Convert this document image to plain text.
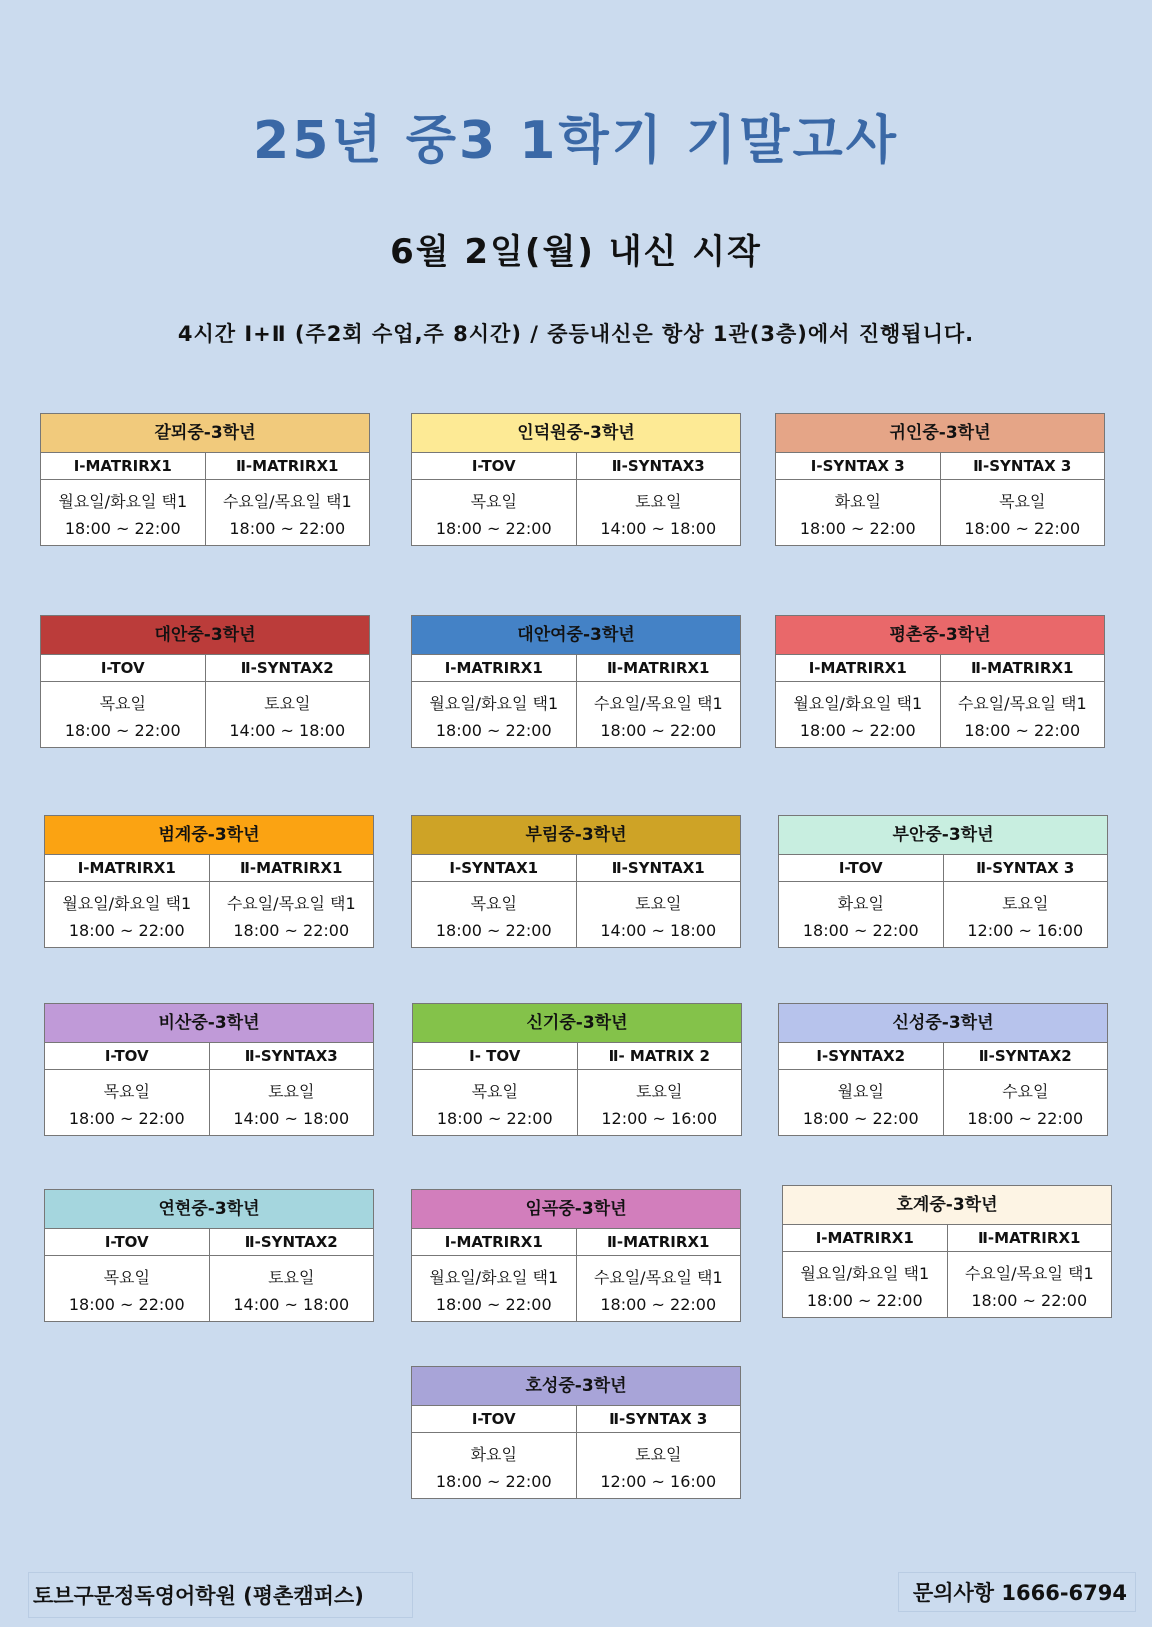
25년 중3 1학기 기말고사
6월 2일(월) 내신 시작
4시간 Ⅰ+Ⅱ (주2회 수업,주 8시간) / 중등내신은 항상 1관(3층)에서 진행됩니다.
갈뫼중-3학년
Ⅰ-MATRIRX1	Ⅱ-MATRIRX1
월요일/화요일 택1
18:00 ~ 22:00
수요일/목요일 택1
18:00 ~ 22:00
인덕원중-3학년
Ⅰ-TOV	Ⅱ-SYNTAX3
목요일
18:00 ~ 22:00
토요일
14:00 ~ 18:00
귀인중-3학년
Ⅰ-SYNTAX 3	Ⅱ-SYNTAX 3
화요일
18:00 ~ 22:00
목요일
18:00 ~ 22:00
대안중-3학년
Ⅰ-TOV	Ⅱ-SYNTAX2
목요일
18:00 ~ 22:00
토요일
14:00 ~ 18:00
대안여중-3학년
Ⅰ-MATRIRX1	Ⅱ-MATRIRX1
월요일/화요일 택1
18:00 ~ 22:00
수요일/목요일 택1
18:00 ~ 22:00
평촌중-3학년
Ⅰ-MATRIRX1	Ⅱ-MATRIRX1
월요일/화요일 택1
18:00 ~ 22:00
수요일/목요일 택1
18:00 ~ 22:00
범계중-3학년
Ⅰ-MATRIRX1	Ⅱ-MATRIRX1
월요일/화요일 택1
18:00 ~ 22:00
수요일/목요일 택1
18:00 ~ 22:00
부림중-3학년
Ⅰ-SYNTAX1	Ⅱ-SYNTAX1
목요일
18:00 ~ 22:00
토요일
14:00 ~ 18:00
부안중-3학년
Ⅰ-TOV	Ⅱ-SYNTAX 3
화요일
18:00 ~ 22:00
토요일
12:00 ~ 16:00
비산중-3학년
Ⅰ-TOV	Ⅱ-SYNTAX3
목요일
18:00 ~ 22:00
토요일
14:00 ~ 18:00
신기중-3학년
Ⅰ- TOV	Ⅱ- MATRIX 2
목요일
18:00 ~ 22:00
토요일
12:00 ~ 16:00
신성중-3학년
Ⅰ-SYNTAX2	Ⅱ-SYNTAX2
월요일
18:00 ~ 22:00
수요일
18:00 ~ 22:00
연현중-3학년
Ⅰ-TOV	Ⅱ-SYNTAX2
목요일
18:00 ~ 22:00
토요일
14:00 ~ 18:00
임곡중-3학년
Ⅰ-MATRIRX1	Ⅱ-MATRIRX1
월요일/화요일 택1
18:00 ~ 22:00
수요일/목요일 택1
18:00 ~ 22:00
호계중-3학년
Ⅰ-MATRIRX1	Ⅱ-MATRIRX1
월요일/화요일 택1
18:00 ~ 22:00
수요일/목요일 택1
18:00 ~ 22:00
호성중-3학년
Ⅰ-TOV	Ⅱ-SYNTAX 3
화요일
18:00 ~ 22:00
토요일
12:00 ~ 16:00
토브구문정독영어학원 (평촌캠퍼스)	문의사항 1666-6794
